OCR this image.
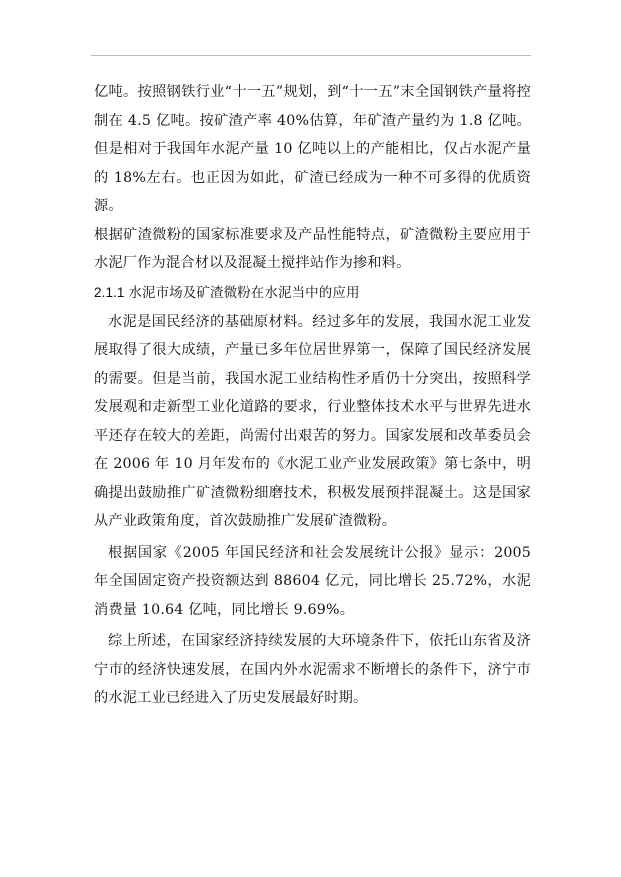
亿吨。按照钢铁行业“十一五”规划，到“十一五”末全国钢铁产量将控制在 4.5 亿吨。按矿渣产率 40%估算，年矿渣产量约为 1.8 亿吨。但是相对于我国年水泥产量 10 亿吨以上的产能相比，仅占水泥产量的 18%左右。也正因为如此，矿渣已经成为一种不可多得的优质资源。

根据矿渣微粉的国家标准要求及产品性能特点，矿渣微粉主要应用于水泥厂作为混合材以及混凝土搅拌站作为掺和料。

2.1.1 水泥市场及矿渣微粉在水泥当中的应用

水泥是国民经济的基础原材料。经过多年的发展，我国水泥工业发展取得了很大成绩，产量已多年位居世界第一，保障了国民经济发展的需要。但是当前，我国水泥工业结构性矛盾仍十分突出，按照科学发展观和走新型工业化道路的要求，行业整体技术水平与世界先进水平还存在较大的差距，尚需付出艰苦的努力。国家发展和改革委员会在 2006 年 10 月年发布的《水泥工业产业发展政策》第七条中，明确提出鼓励推广矿渣微粉细磨技术，积极发展预拌混凝土。这是国家从产业政策角度，首次鼓励推广发展矿渣微粉。

根据国家《2005 年国民经济和社会发展统计公报》显示：2005 年全国固定资产投资额达到 88604 亿元，同比增长 25.72%，水泥消费量 10.64 亿吨，同比增长 9.69%。

综上所述，在国家经济持续发展的大环境条件下，依托山东省及济宁市的经济快速发展，在国内外水泥需求不断增长的条件下，济宁市的水泥工业已经进入了历史发展最好时期。
